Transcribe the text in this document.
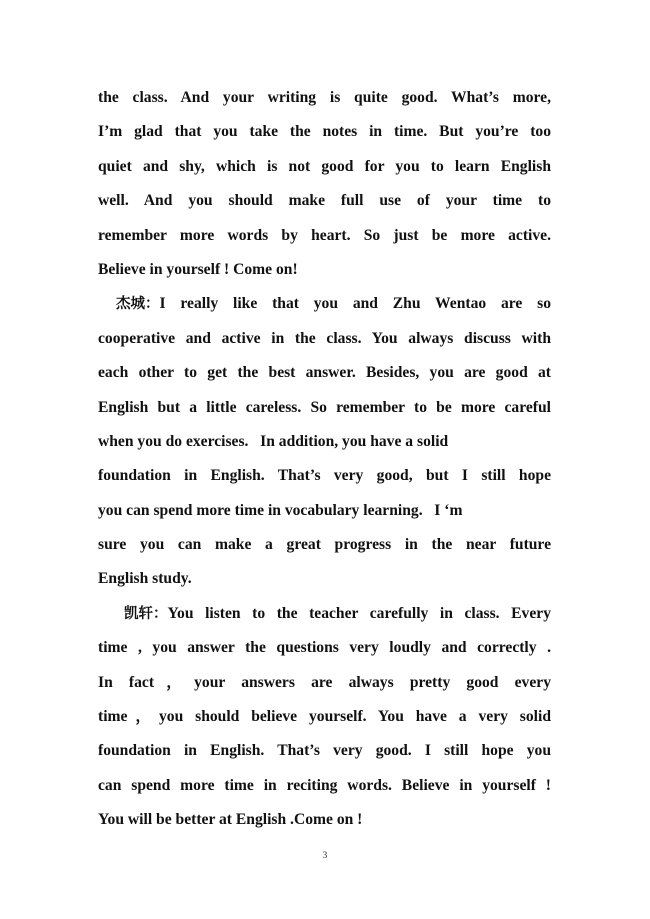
the class. And your writing is quite good. What’s more,
I’m glad that you take the notes in time. But you’re too
quiet and shy, which is not good for you to learn English
well. And you should make full use of your time to
remember more words by heart. So just be more active.
Believe in yourself ! Come on!
杰城 ： I really like that you and Zhu Wentao are so
cooperative and active in the class. You always discuss with
each other to get the best answer. Besides, you are good at
English but a little careless. So remember to be more careful
when you do exercises.   In addition, you have a solid
foundation in English. That’s very good, but I still hope
you can spend more time in vocabulary learning.   I ‘m
sure you can make a great progress in the near future
English study.
凯轩 ： You listen to the teacher carefully in class. Every
time , you answer the questions very loudly and correctly .
In fact，your answers are always pretty good every
time，you should believe yourself. You have a very solid
foundation in English. That’s very good. I still hope you
can spend more time in reciting words. Believe in yourself !
You will be better at English .Come on !
3
